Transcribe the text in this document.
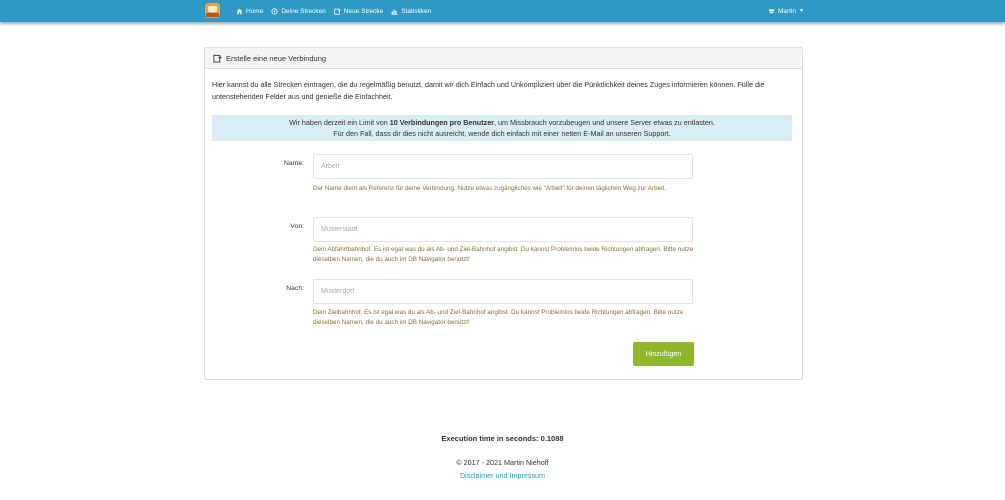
Home	Deine Strecken	Neue Strecke	Statistiken	Martin ▼
Erstelle eine neue Verbindung
Hier kannst du alle Strecken eintragen, die du regelmäßig benutzt, damit wir dich Einfach und Unkompliziert über die Pünktlichkeit deines Zuges informieren können. Fülle die untenstehenden Felder aus und genieße die Einfachheit.
Wir haben derzeit ein Limit von 10 Verbindungen pro Benutzer, um Missbrauch vorzubeugen und unsere Server etwas zu entlasten.
Für den Fall, dass dir dies nicht ausreicht, wende dich einfach mit einer netten E-Mail an unseren Support.
Name:
Arbeit
Der Name dient als Referenz für deine Verbindung. Nutze etwas zugängliches wie "Arbeit" für deinen täglichen Weg zur Arbeit.
Von:
Musterstadt
Dein Abfahrtbahnhof. Es ist egal was du als Ab- und Ziel-Bahnhof angibst. Du kannst Problemlos beide Richtungen abfragen. Bitte nutze dieselben Namen, die du auch im DB Navigator benutzt!
Nach:
Musterdorf
Dein Zielbahnhof. Es ist egal was du als Ab- und Ziel-Bahnhof angibst. Du kannst Problemlos beide Richtungen abfragen. Bitte nutze dieselben Namen, die du auch im DB Navigator benutzt!
Hinzufügen
Execution time in seconds: 0.1088
© 2017 - 2021 Martin Niehoff
Disclaimer und Impressum
